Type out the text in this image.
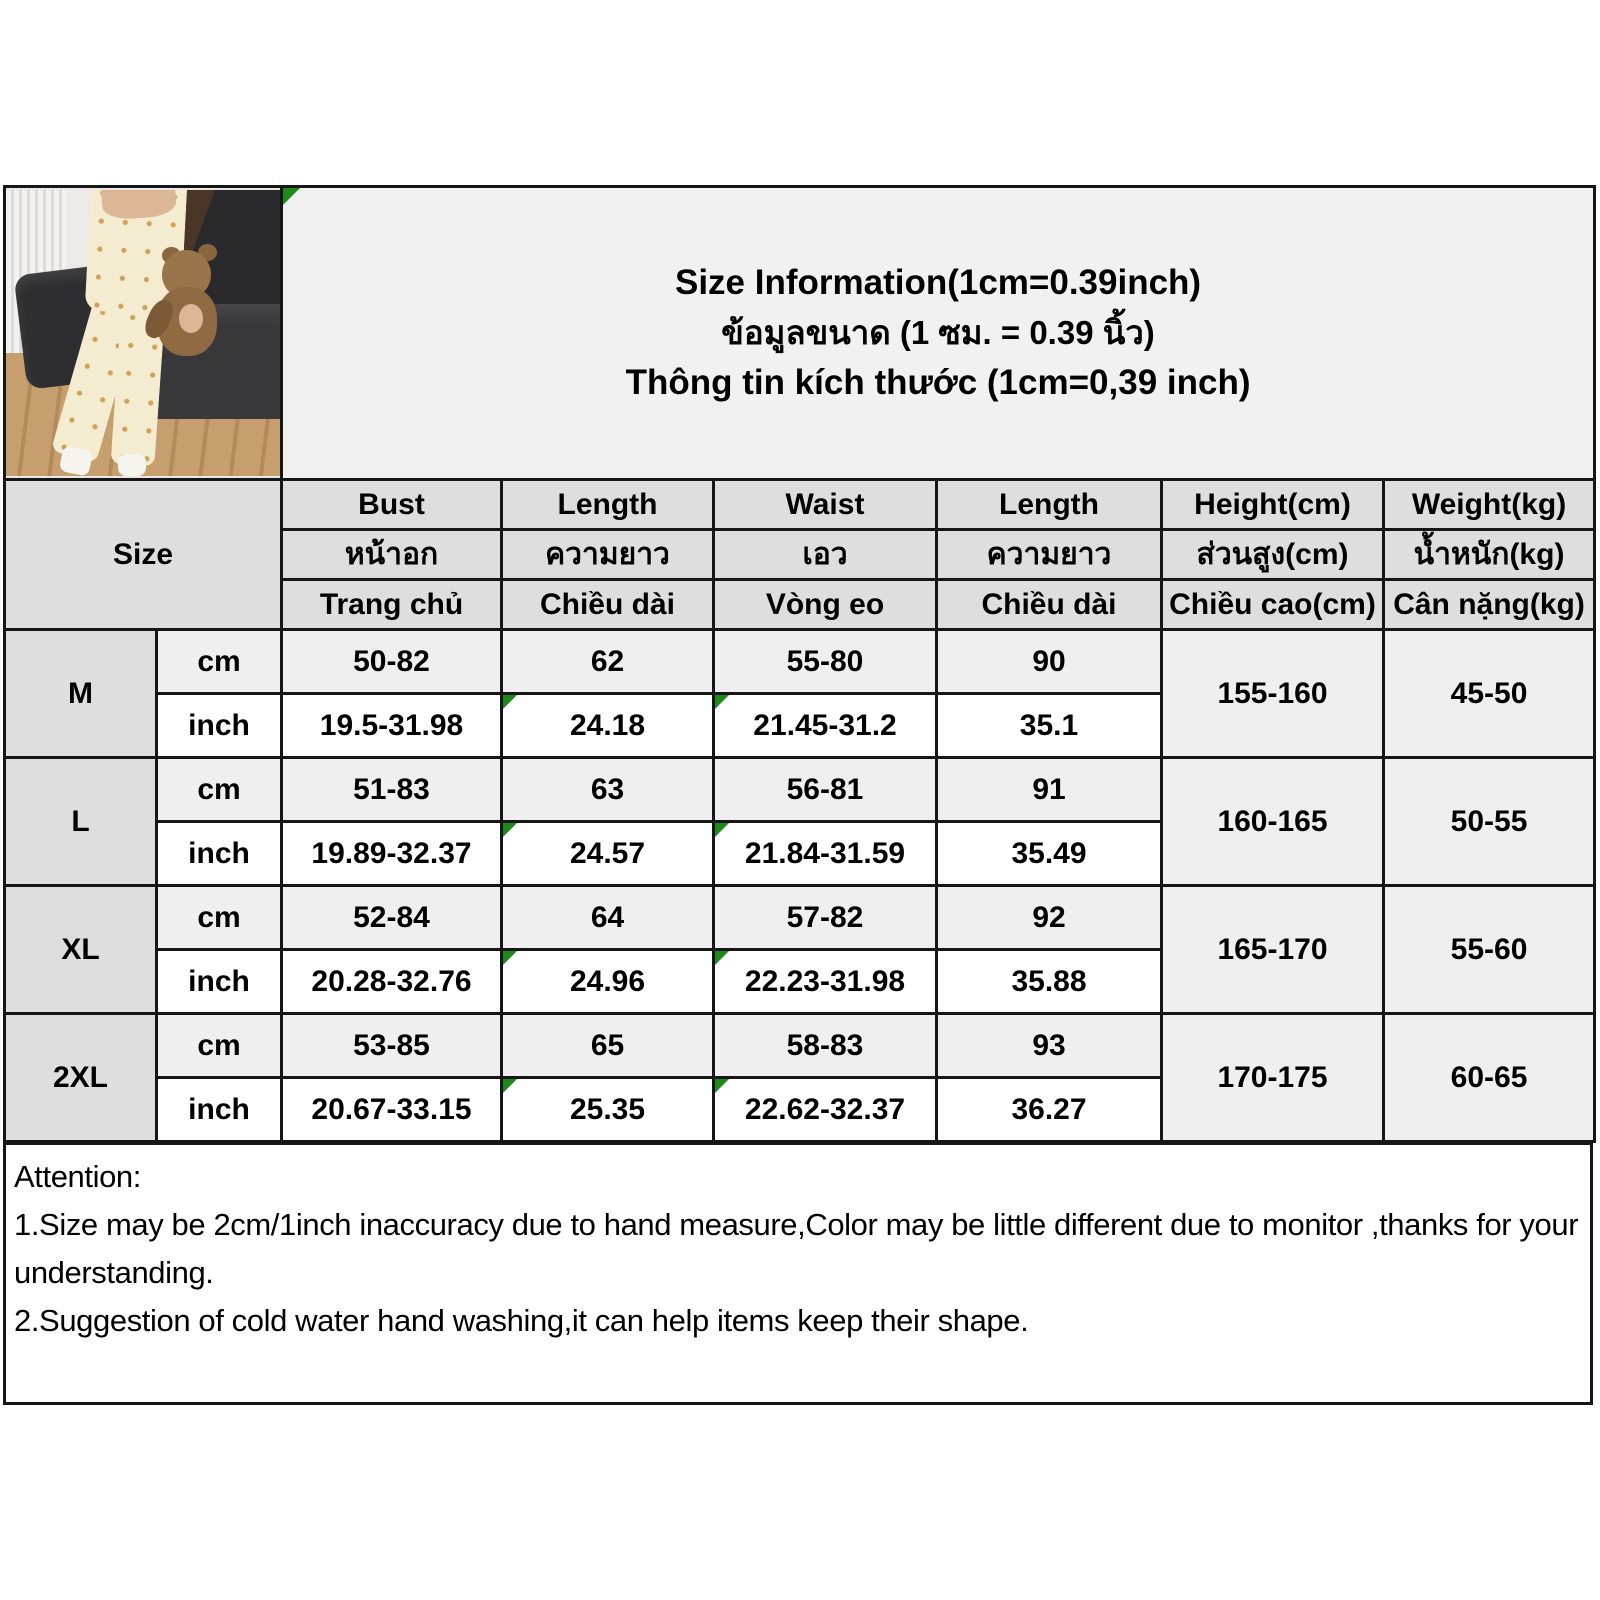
		Size Information(1cm=0.39inch)
ข้อมูลขนาด (1 ซม. = 0.39 นิ้ว)
Thông tin kích thước (1cm=0,39 inch)					

Size		Bust	Length	Waist	Length	Height(cm)	Weight(kg)
		หน้าอก	ความยาว	เอว	ความยาว	ส่วนสูง(cm)	น้ำหนัก(kg)
		Trang chủ	Chiều dài	Vòng eo	Chiều dài	Chiều cao(cm)	Cân nặng(kg)
M	cm	50-82	62	55-80	90	155-160	45-50
	inch	19.5-31.98	24.18	21.45-31.2	35.1		
L	cm	51-83	63	56-81	91	160-165	50-55
	inch	19.89-32.37	24.57	21.84-31.59	35.49		
XL	cm	52-84	64	57-82	92	165-170	55-60
	inch	20.28-32.76	24.96	22.23-31.98	35.88		
2XL	cm	53-85	65	58-83	93	170-175	60-65
	inch	20.67-33.15	25.35	22.62-32.37	36.27		

Attention:

1.Size may be 2cm/1inch inaccuracy due to hand measure,Color may be little different due to monitor ,thanks for your understanding.

2.Suggestion of cold water hand washing,it can help items keep their shape.
